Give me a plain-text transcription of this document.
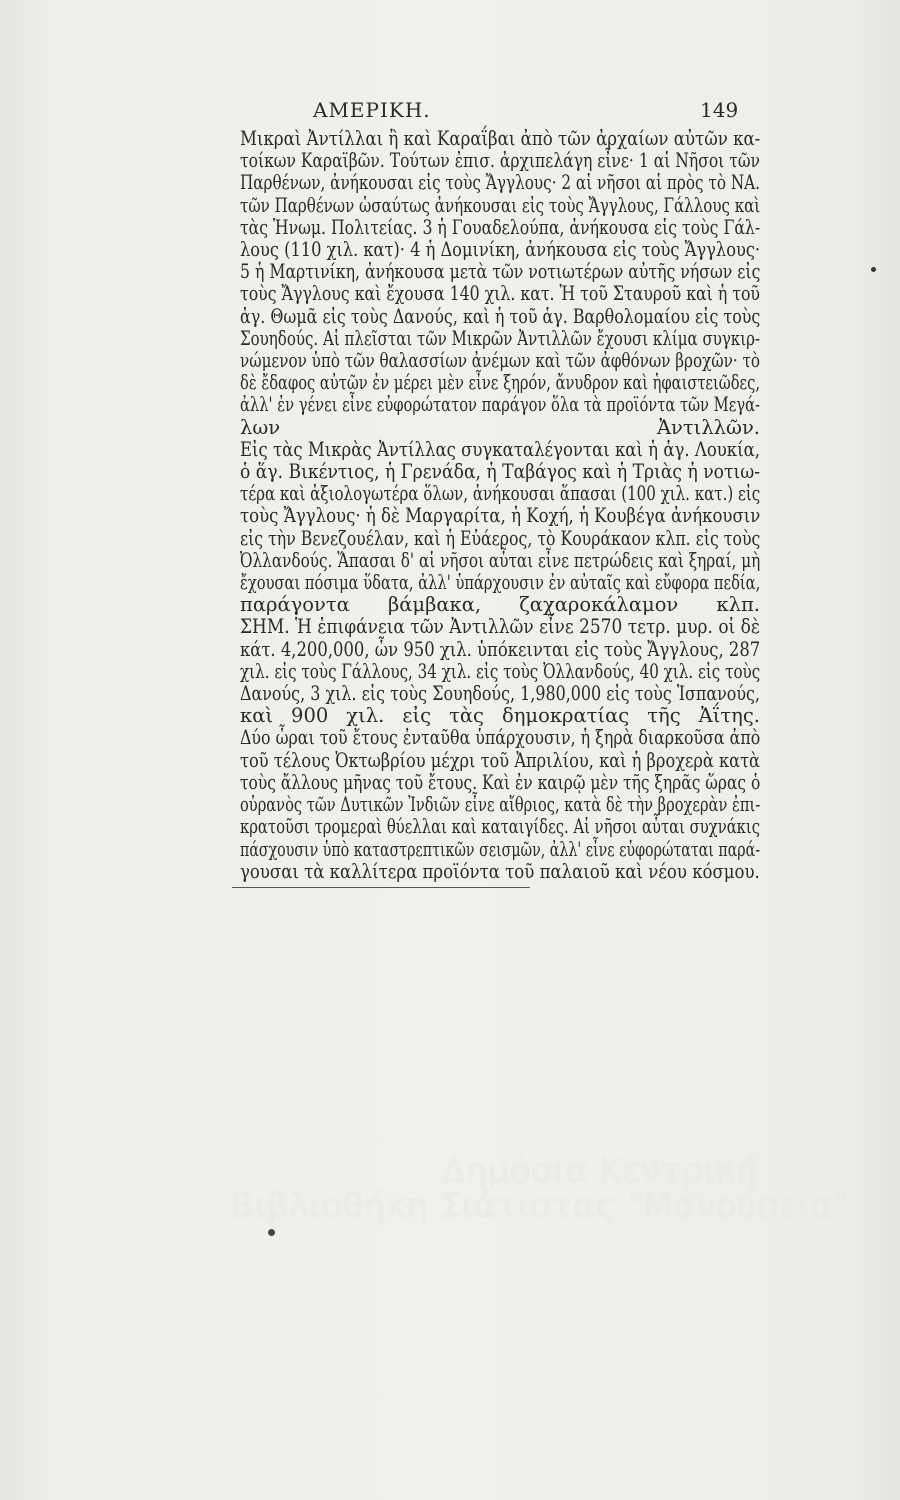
ΑΜΕΡΙΚΗ.	149
Μικραὶ Ἀντίλλαι ἢ καὶ Καραΐβαι ἀπὸ τῶν ἀρχαίων αὐτῶν κα-
τοίκων Καραϊβῶν. Τούτων ἐπισ. ἀρχιπελάγη εἶνε· 1 αἱ Νῆσοι τῶν
Παρθένων, ἀνήκουσαι εἰς τοὺς Ἄγγλους· 2 αἱ νῆσοι αἱ πρὸς τὸ ΝΑ.
τῶν Παρθένων ὡσαύτως ἀνήκουσαι εἰς τοὺς Ἄγγλους, Γάλλους καὶ
τὰς Ἡνωμ. Πολιτείας. 3 ἡ Γουαδελούπα, ἀνήκουσα εἰς τοὺς Γάλ-
λους (110 χιλ. κατ)· 4 ἡ Δομινίκη, ἀνήκουσα εἰς τοὺς Ἄγγλους·
5 ἡ Μαρτινίκη, ἀνήκουσα μετὰ τῶν νοτιωτέρων αὐτῆς νήσων εἰς
τοὺς Ἄγγλους καὶ ἔχουσα 140 χιλ. κατ. Ἡ τοῦ Σταυροῦ καὶ ἡ τοῦ
ἁγ. Θωμᾶ εἰς τοὺς Δανούς, καὶ ἡ τοῦ ἁγ. Βαρθολομαίου εἰς τοὺς
Σουηδούς. Αἱ πλεῖσται τῶν Μικρῶν Ἀντιλλῶν ἔχουσι κλίμα συγκιρ-
νώμενον ὑπὸ τῶν θαλασσίων ἀνέμων καὶ τῶν ἀφθόνων βροχῶν· τὸ
δὲ ἔδαφος αὐτῶν ἐν μέρει μὲν εἶνε ξηρόν, ἄνυδρον καὶ ἡφαιστειῶδες,
ἀλλ' ἐν γένει εἶνε εὐφορώτατον παράγον ὅλα τὰ προϊόντα τῶν Μεγά-
λων Ἀντιλλῶν.
Εἰς τὰς Μικρὰς Ἀντίλλας συγκαταλέγονται καὶ ἡ ἁγ. Λουκία,
ὁ ἅγ. Βικέντιος, ἡ Γρενάδα, ἡ Ταβάγος καὶ ἡ Τριὰς ἡ νοτιω-
τέρα καὶ ἀξιολογωτέρα ὅλων, ἀνήκουσαι ἅπασαι (100 χιλ. κατ.) εἰς
τοὺς Ἄγγλους· ἡ δὲ Μαργαρίτα, ἡ Κοχή, ἡ Κουβέγα ἀνήκουσιν
εἰς τὴν Βενεζουέλαν, καὶ ἡ Εὐάερος, τὸ Κουράκαον κλπ. εἰς τοὺς
Ὀλλανδούς. Ἅπασαι δ' αἱ νῆσοι αὗται εἶνε πετρώδεις καὶ ξηραί, μὴ
ἔχουσαι πόσιμα ὕδατα, ἀλλ' ὑπάρχουσιν ἐν αὐταῖς καὶ εὔφορα πεδία,
παράγοντα βάμβακα, ζαχαροκάλαμον κλπ.
ΣΗΜ. Ἡ ἐπιφάνεια τῶν Ἀντιλλῶν εἶνε 2570 τετρ. μυρ. οἱ δὲ
κάτ. 4,200,000, ὧν 950 χιλ. ὑπόκεινται εἰς τοὺς Ἄγγλους, 287
χιλ. εἰς τοὺς Γάλλους, 34 χιλ. εἰς τοὺς Ὀλλανδούς, 40 χιλ. εἰς τοὺς
Δανούς, 3 χιλ. εἰς τοὺς Σουηδούς, 1,980,000 εἰς τοὺς Ἱσπανούς,
καὶ 900 χιλ. εἰς τὰς δημοκρατίας τῆς Ἀΐτης.
Δύο ὧραι τοῦ ἔτους ἐνταῦθα ὑπάρχουσιν, ἡ ξηρὰ διαρκοῦσα ἀπὸ
τοῦ τέλους Ὀκτωβρίου μέχρι τοῦ Ἀπριλίου, καὶ ἡ βροχερὰ κατὰ
τοὺς ἄλλους μῆνας τοῦ ἔτους. Καὶ ἐν καιρῷ μὲν τῆς ξηρᾶς ὥρας ὁ
οὐρανὸς τῶν Δυτικῶν Ἰνδιῶν εἶνε αἴθριος, κατὰ δὲ τὴν βροχερὰν ἐπι-
κρατοῦσι τρομεραὶ θύελλαι καὶ καταιγίδες. Αἱ νῆσοι αὗται συχνάκις
πάσχουσιν ὑπὸ καταστρεπτικῶν σεισμῶν, ἀλλ' εἶνε εὐφορώταται παρά-
γουσαι τὰ καλλίτερα προϊόντα τοῦ παλαιοῦ καὶ νέου κόσμου.
Δημόσια Κεντρική
Βιβλιοθήκη Σιάτιστας "Μανούσεια"
